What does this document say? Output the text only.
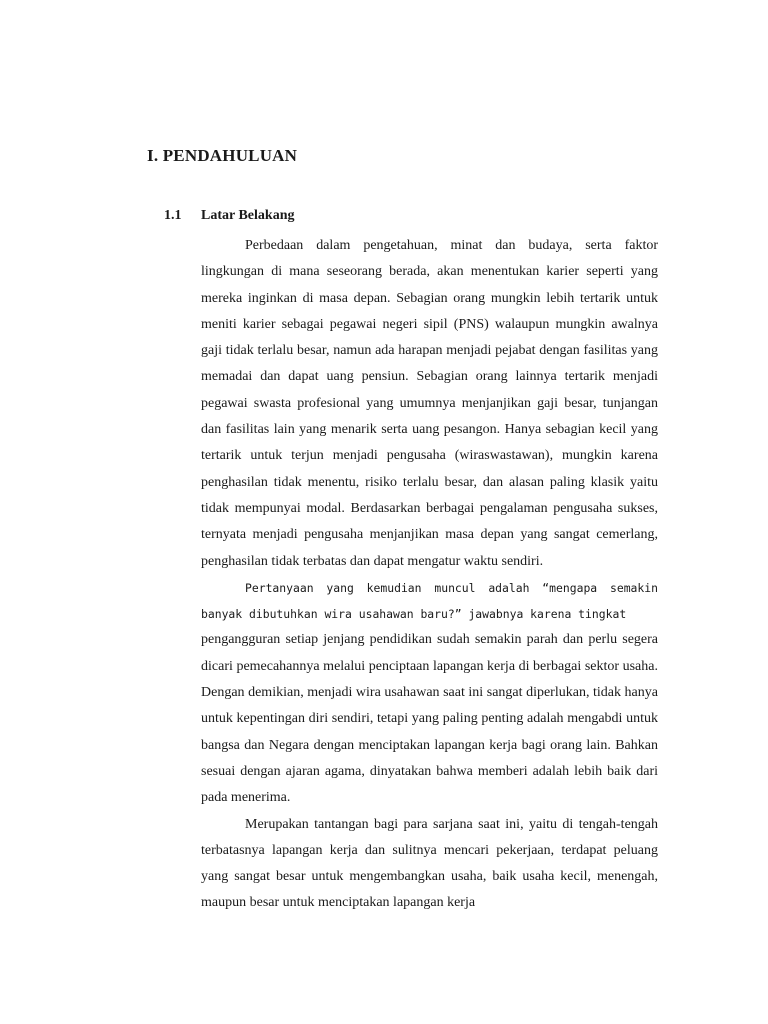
I. PENDAHULUAN
1.1 Latar Belakang

Perbedaan dalam pengetahuan, minat dan budaya, serta faktor lingkungan di mana seseorang berada, akan menentukan karier seperti yang mereka inginkan di masa depan. Sebagian orang mungkin lebih tertarik untuk meniti karier sebagai pegawai negeri sipil (PNS) walaupun mungkin awalnya gaji tidak terlalu besar, namun ada harapan menjadi pejabat dengan fasilitas yang memadai dan dapat uang pensiun. Sebagian orang lainnya tertarik menjadi pegawai swasta profesional yang umumnya menjanjikan gaji besar, tunjangan dan fasilitas lain yang menarik serta uang pesangon. Hanya sebagian kecil yang tertarik untuk terjun menjadi pengusaha (wiraswastawan), mungkin karena penghasilan tidak menentu, risiko terlalu besar, dan alasan paling klasik yaitu tidak mempunyai modal. Berdasarkan berbagai pengalaman pengusaha sukses, ternyata menjadi pengusaha menjanjikan masa depan yang sangat cemerlang, penghasilan tidak terbatas dan dapat mengatur waktu sendiri.

Pertanyaan yang kemudian muncul adalah “mengapa semakin banyak dibutuhkan wira usahawan baru?” jawabnya karena tingkat

pengangguran setiap jenjang pendidikan sudah semakin parah dan perlu segera dicari pemecahannya melalui penciptaan lapangan kerja di berbagai sektor usaha. Dengan demikian, menjadi wira usahawan saat ini sangat diperlukan, tidak hanya untuk kepentingan diri sendiri, tetapi yang paling penting adalah mengabdi untuk bangsa dan Negara dengan menciptakan lapangan kerja bagi orang lain. Bahkan sesuai dengan ajaran agama, dinyatakan bahwa memberi adalah lebih baik dari pada menerima.

Merupakan tantangan bagi para sarjana saat ini, yaitu di tengah-tengah terbatasnya lapangan kerja dan sulitnya mencari pekerjaan, terdapat peluang yang sangat besar untuk mengembangkan usaha, baik usaha kecil, menengah, maupun besar untuk menciptakan lapangan kerja
